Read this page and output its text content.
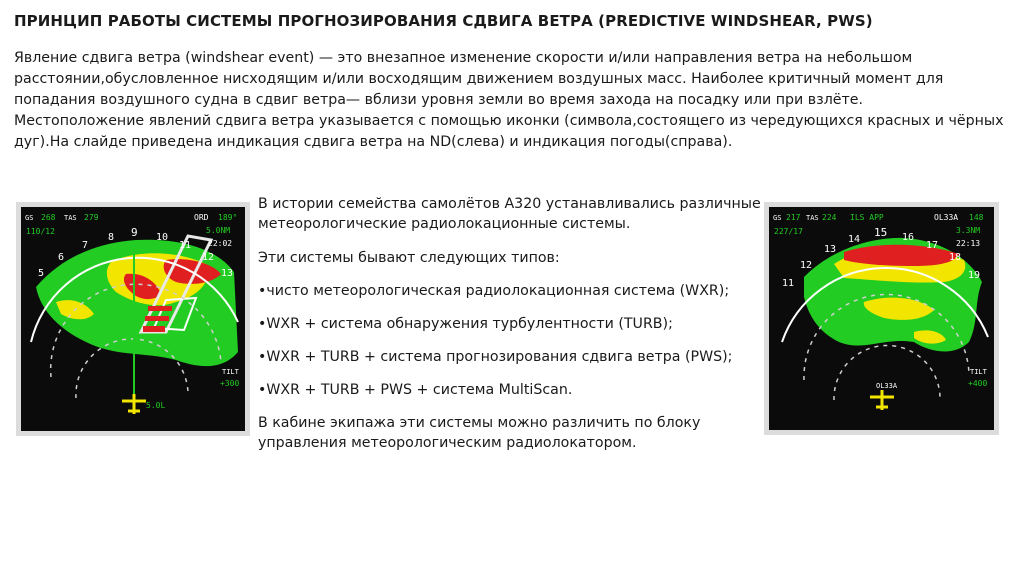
ПРИНЦИП РАБОТЫ СИСТЕМЫ ПРОГНОЗИРОВАНИЯ СДВИГА ВЕТРА (PREDICTIVE WINDSHEAR, PWS)

Явление сдвига ветра (windshear event) — это внезапное изменение скорости и/или направления ветра на небольшом расстоянии,обусловленное нисходящим и/или восходящим движением воздушных масс. Наиболее критичный момент для попадания воздушного судна в сдвиг ветра— вблизи уровня земли во время захода на посадку или при взлёте.

Местоположение явлений сдвига ветра указывается с помощью иконки (символа,состоящего из чередующихся красных и чёрных дуг).На слайде приведена индикация сдвига ветра на ND(слева) и индикация погоды(справа).

GS 268 TAS 279
110/12
ORD 189°
5.0NM
22:02
5
6
7
8 9 10
11
12
13
5.0L
TILT
+300

В истории семейства самолётов A320 устанавливались различные метеорологические радиолокационные системы.

Эти системы бывают следующих типов:

•чисто метеорологическая радиолокационная система (WXR);

•WXR + система обнаружения турбулентности (TURB);

•WXR + TURB + система прогнозирования сдвига ветра (PWS);

•WXR + TURB + PWS + система MultiScan.

В кабине экипажа эти системы можно различить по блоку управления метеорологическим радиолокатором.

GS 217 TAS 224 ILS APP
227/17
OL33A 148
3.3NM
22:13
11
12
13
14
15 16
17
18
19
OL33A
TILT
+400
